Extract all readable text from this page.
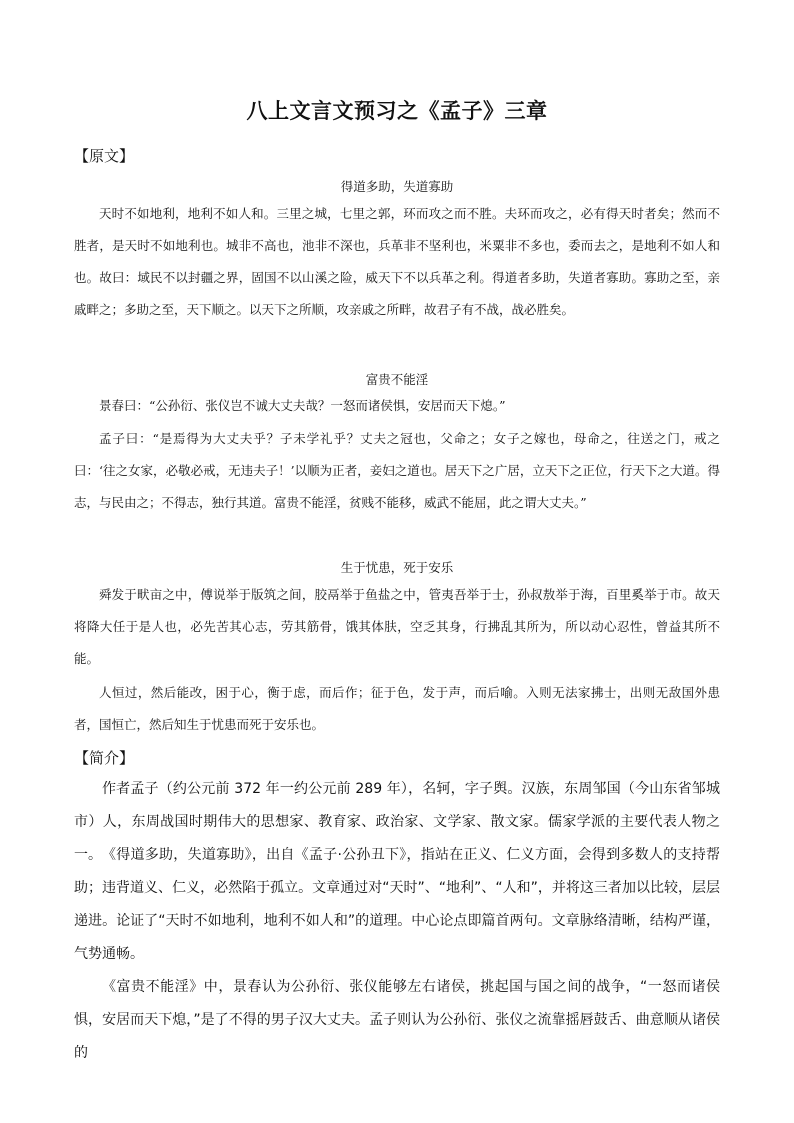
八上文言文预习之《孟子》三章
【原文】
得道多助，失道寡助

天时不如地利，地利不如人和。三里之城，七里之郭，环而攻之而不胜。夫环而攻之，必有得天时者矣；然而不胜者，是天时不如地利也。城非不高也，池非不深也，兵革非不坚利也，米粟非不多也，委而去之，是地利不如人和也。故曰：域民不以封疆之界，固国不以山溪之险，威天下不以兵革之利。得道者多助，失道者寡助。寡助之至，亲戚畔之；多助之至，天下顺之。以天下之所顺，攻亲戚之所畔，故君子有不战，战必胜矣。

富贵不能淫

景春曰：“公孙衍、张仪岂不诚大丈夫哉？一怒而诸侯惧，安居而天下熄。”

孟子曰：“是焉得为大丈夫乎？子未学礼乎？丈夫之冠也，父命之；女子之嫁也，母命之，往送之门，戒之曰：‘往之女家，必敬必戒，无违夫子！’以顺为正者，妾妇之道也。居天下之广居，立天下之正位，行天下之大道。得志，与民由之；不得志，独行其道。富贵不能淫，贫贱不能移，威武不能屈，此之谓大丈夫。”

生于忧患，死于安乐

舜发于畎亩之中，傅说举于版筑之间，胶鬲举于鱼盐之中，管夷吾举于士，孙叔敖举于海，百里奚举于市。故天将降大任于是人也，必先苦其心志，劳其筋骨，饿其体肤，空乏其身，行拂乱其所为，所以动心忍性，曾益其所不能。

人恒过，然后能改，困于心，衡于虑，而后作；征于色，发于声，而后喻。入则无法家拂士，出则无敌国外患者，国恒亡，然后知生于忧患而死于安乐也。

【简介】

作者孟子（约公元前 372 年一约公元前 289 年），名轲，字子舆。汉族，东周邹国（今山东省邹城市）人，东周战国时期伟大的思想家、教育家、政治家、文学家、散文家。儒家学派的主要代表人物之一。 《得道多助，失道寡助》，出自《孟子·公孙丑下》，指站在正义、仁义方面，会得到多数人的支持帮助；违背道义、仁义，必然陷于孤立。文章通过对“天时”、“地利”、“人和”，并将这三者加以比较，层层递进。论证了“天时不如地利，地利不如人和”的道理。中心论点即篇首两句。文章脉络清晰，结构严谨，气势通畅。

《富贵不能淫》中，景春认为公孙衍、张仪能够左右诸侯，挑起国与国之间的战争，“一怒而诸侯惧，安居而天下熄，”是了不得的男子汉大丈夫。孟子则认为公孙衍、张仪之流靠摇唇鼓舌、曲意顺从诸侯的
